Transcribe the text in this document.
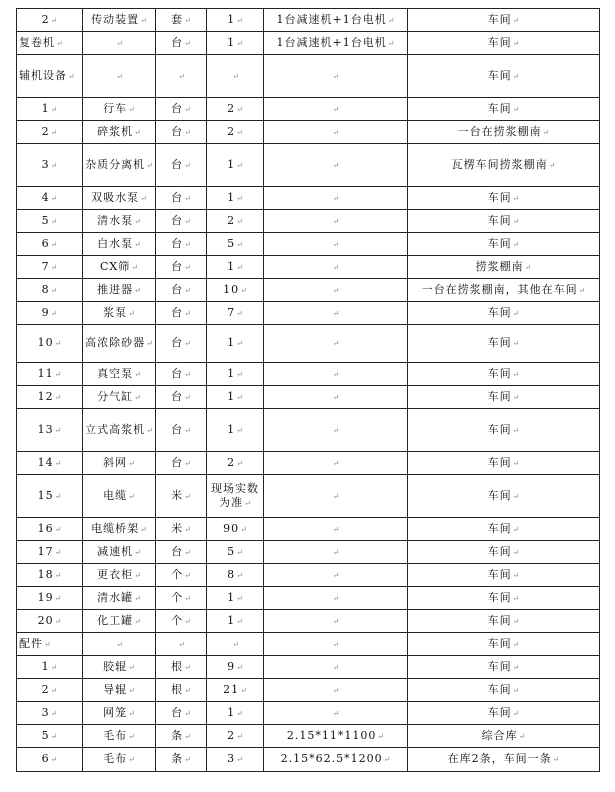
2↵	传动装置↵	套↵	1↵	1台减速机+1台电机↵	车间↵
复卷机↵	↵	台↵	1↵	1台减速机+1台电机↵	车间↵
辅机设备↵	↵	↵	↵	↵	车间↵
1↵	行车↵	台↵	2↵	↵	车间↵
2↵	碎浆机↵	台↵	2↵	↵	一台在捞浆棚南↵
3↵	杂质分离机↵	台↵	1↵	↵	瓦楞车间捞浆棚南↵
4↵	双吸水泵↵	台↵	1↵	↵	车间↵
5↵	清水泵↵	台↵	2↵	↵	车间↵
6↵	白水泵↵	台↵	5↵	↵	车间↵
7↵	CX筛↵	台↵	1↵	↵	捞浆棚南↵
8↵	推进器↵	台↵	10↵	↵	一台在捞浆棚南，其他在车间↵
9↵	浆泵↵	台↵	7↵	↵	车间↵
10↵	高浓除砂器↵	台↵	1↵	↵	车间↵
11↵	真空泵↵	台↵	1↵	↵	车间↵
12↵	分气缸↵	台↵	1↵	↵	车间↵
13↵	立式高浆机↵	台↵	1↵	↵	车间↵
14↵	斜网↵	台↵	2↵	↵	车间↵
15↵	电缆↵	米↵	现场实数为准↵	↵	车间↵
16↵	电缆桥架↵	米↵	90↵	↵	车间↵
17↵	减速机↵	台↵	5↵	↵	车间↵
18↵	更衣柜↵	个↵	8↵	↵	车间↵
19↵	清水罐↵	个↵	1↵	↵	车间↵
20↵	化工罐↵	个↵	1↵	↵	车间↵
配件↵	↵	↵	↵	↵	车间↵
1↵	胶辊↵	根↵	9↵	↵	车间↵
2↵	导辊↵	根↵	21↵	↵	车间↵
3↵	网笼↵	台↵	1↵	↵	车间↵
5↵	毛布↵	条↵	2↵	2.15*11*1100↵	综合库↵
6↵	毛布↵	条↵	3↵	2.15*62.5*1200↵	在库2条，车间一条↵
